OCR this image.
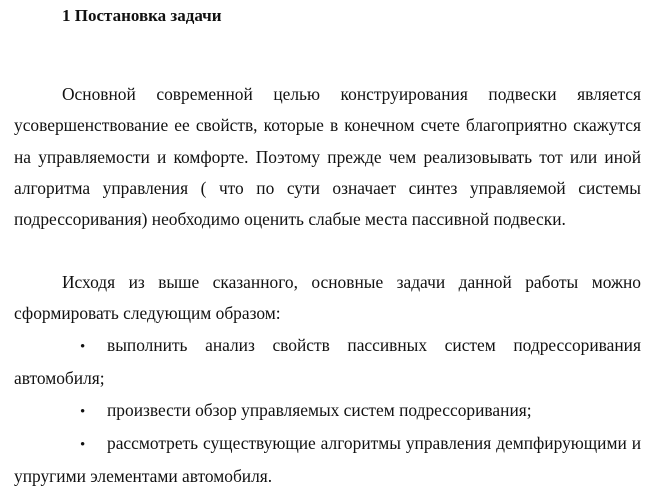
1 Постановка задачи

Основной современной целью конструирования подвески является усовершенствование ее свойств, которые в конечном счете благоприятно скажутся на управляемости и комфорте. Поэтому прежде чем реализовывать тот или иной алгоритма управления ( что по сути означает синтез управляемой системы подрессоривания) необходимо оценить слабые места пассивной подвески.

Исходя из выше сказанного, основные задачи данной работы можно сформировать следующим образом:

• выполнить анализ свойств пассивных систем подрессоривания автомобиля;
• произвести обзор управляемых систем подрессоривания;
• рассмотреть существующие алгоритмы управления демпфирующими и упругими элементами автомобиля.
